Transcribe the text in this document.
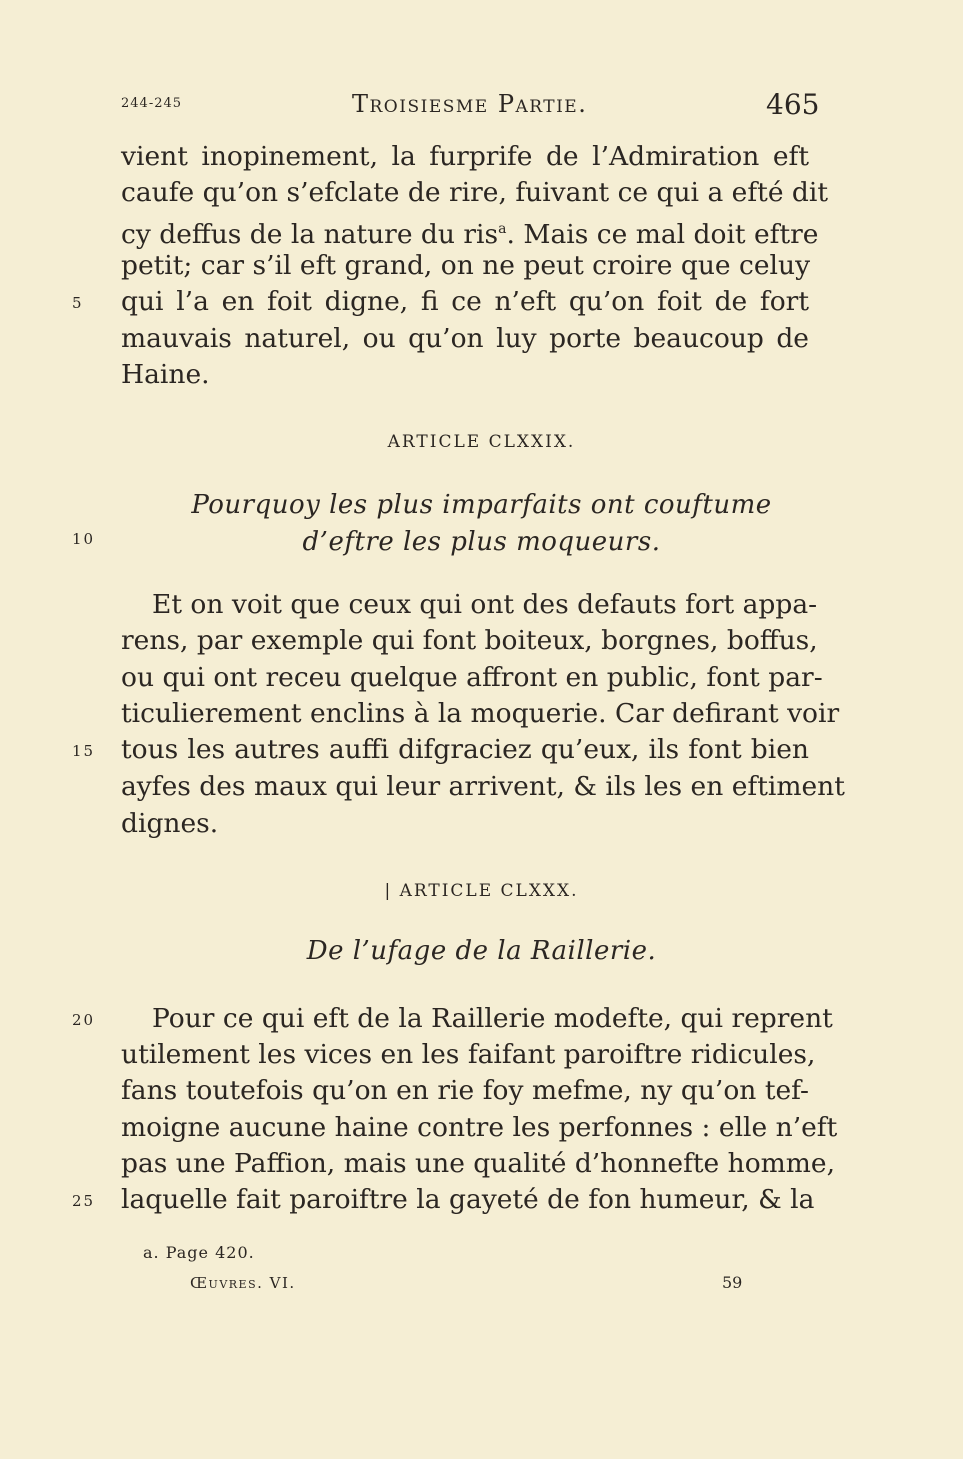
244-245	Troisiesme Partie.	465
vient inopinement, la furprife de l’Admiration eft
caufe qu’on s’efclate de rire, fuivant ce qui a efté dit
cy deffus de la nature du ris$^a$. Mais ce mal doit eftre
petit; car s’il eft grand, on ne peut croire que celuy
qui l’a en foit digne, fi ce n’eft qu’on foit de fort
mauvais naturel, ou qu’on luy porte beaucoup de
Haine.
ARTICLE CLXXIX.
Pourquoy les plus imparfaits ont couftume
d’eftre les plus moqueurs.
Et on voit que ceux qui ont des defauts fort appa-
rens, par exemple qui font boiteux, borgnes, boffus,
ou qui ont receu quelque affront en public, font par-
ticulierement enclins à la moquerie. Car defirant voir
tous les autres auffi difgraciez qu’eux, ils font bien
ayfes des maux qui leur arrivent, & ils les en eftiment
dignes.
| ARTICLE CLXXX.
De l’ufage de la Raillerie.
Pour ce qui eft de la Raillerie modefte, qui reprent
utilement les vices en les faifant paroiftre ridicules,
fans toutefois qu’on en rie foy mefme, ny qu’on tef-
moigne aucune haine contre les perfonnes : elle n’eft
pas une Paffion, mais une qualité d’honnefte homme,
laquelle fait paroiftre la gayeté de fon humeur, & la
5
10
15
20
25
a. Page 420.
Œuvres. VI.	59
